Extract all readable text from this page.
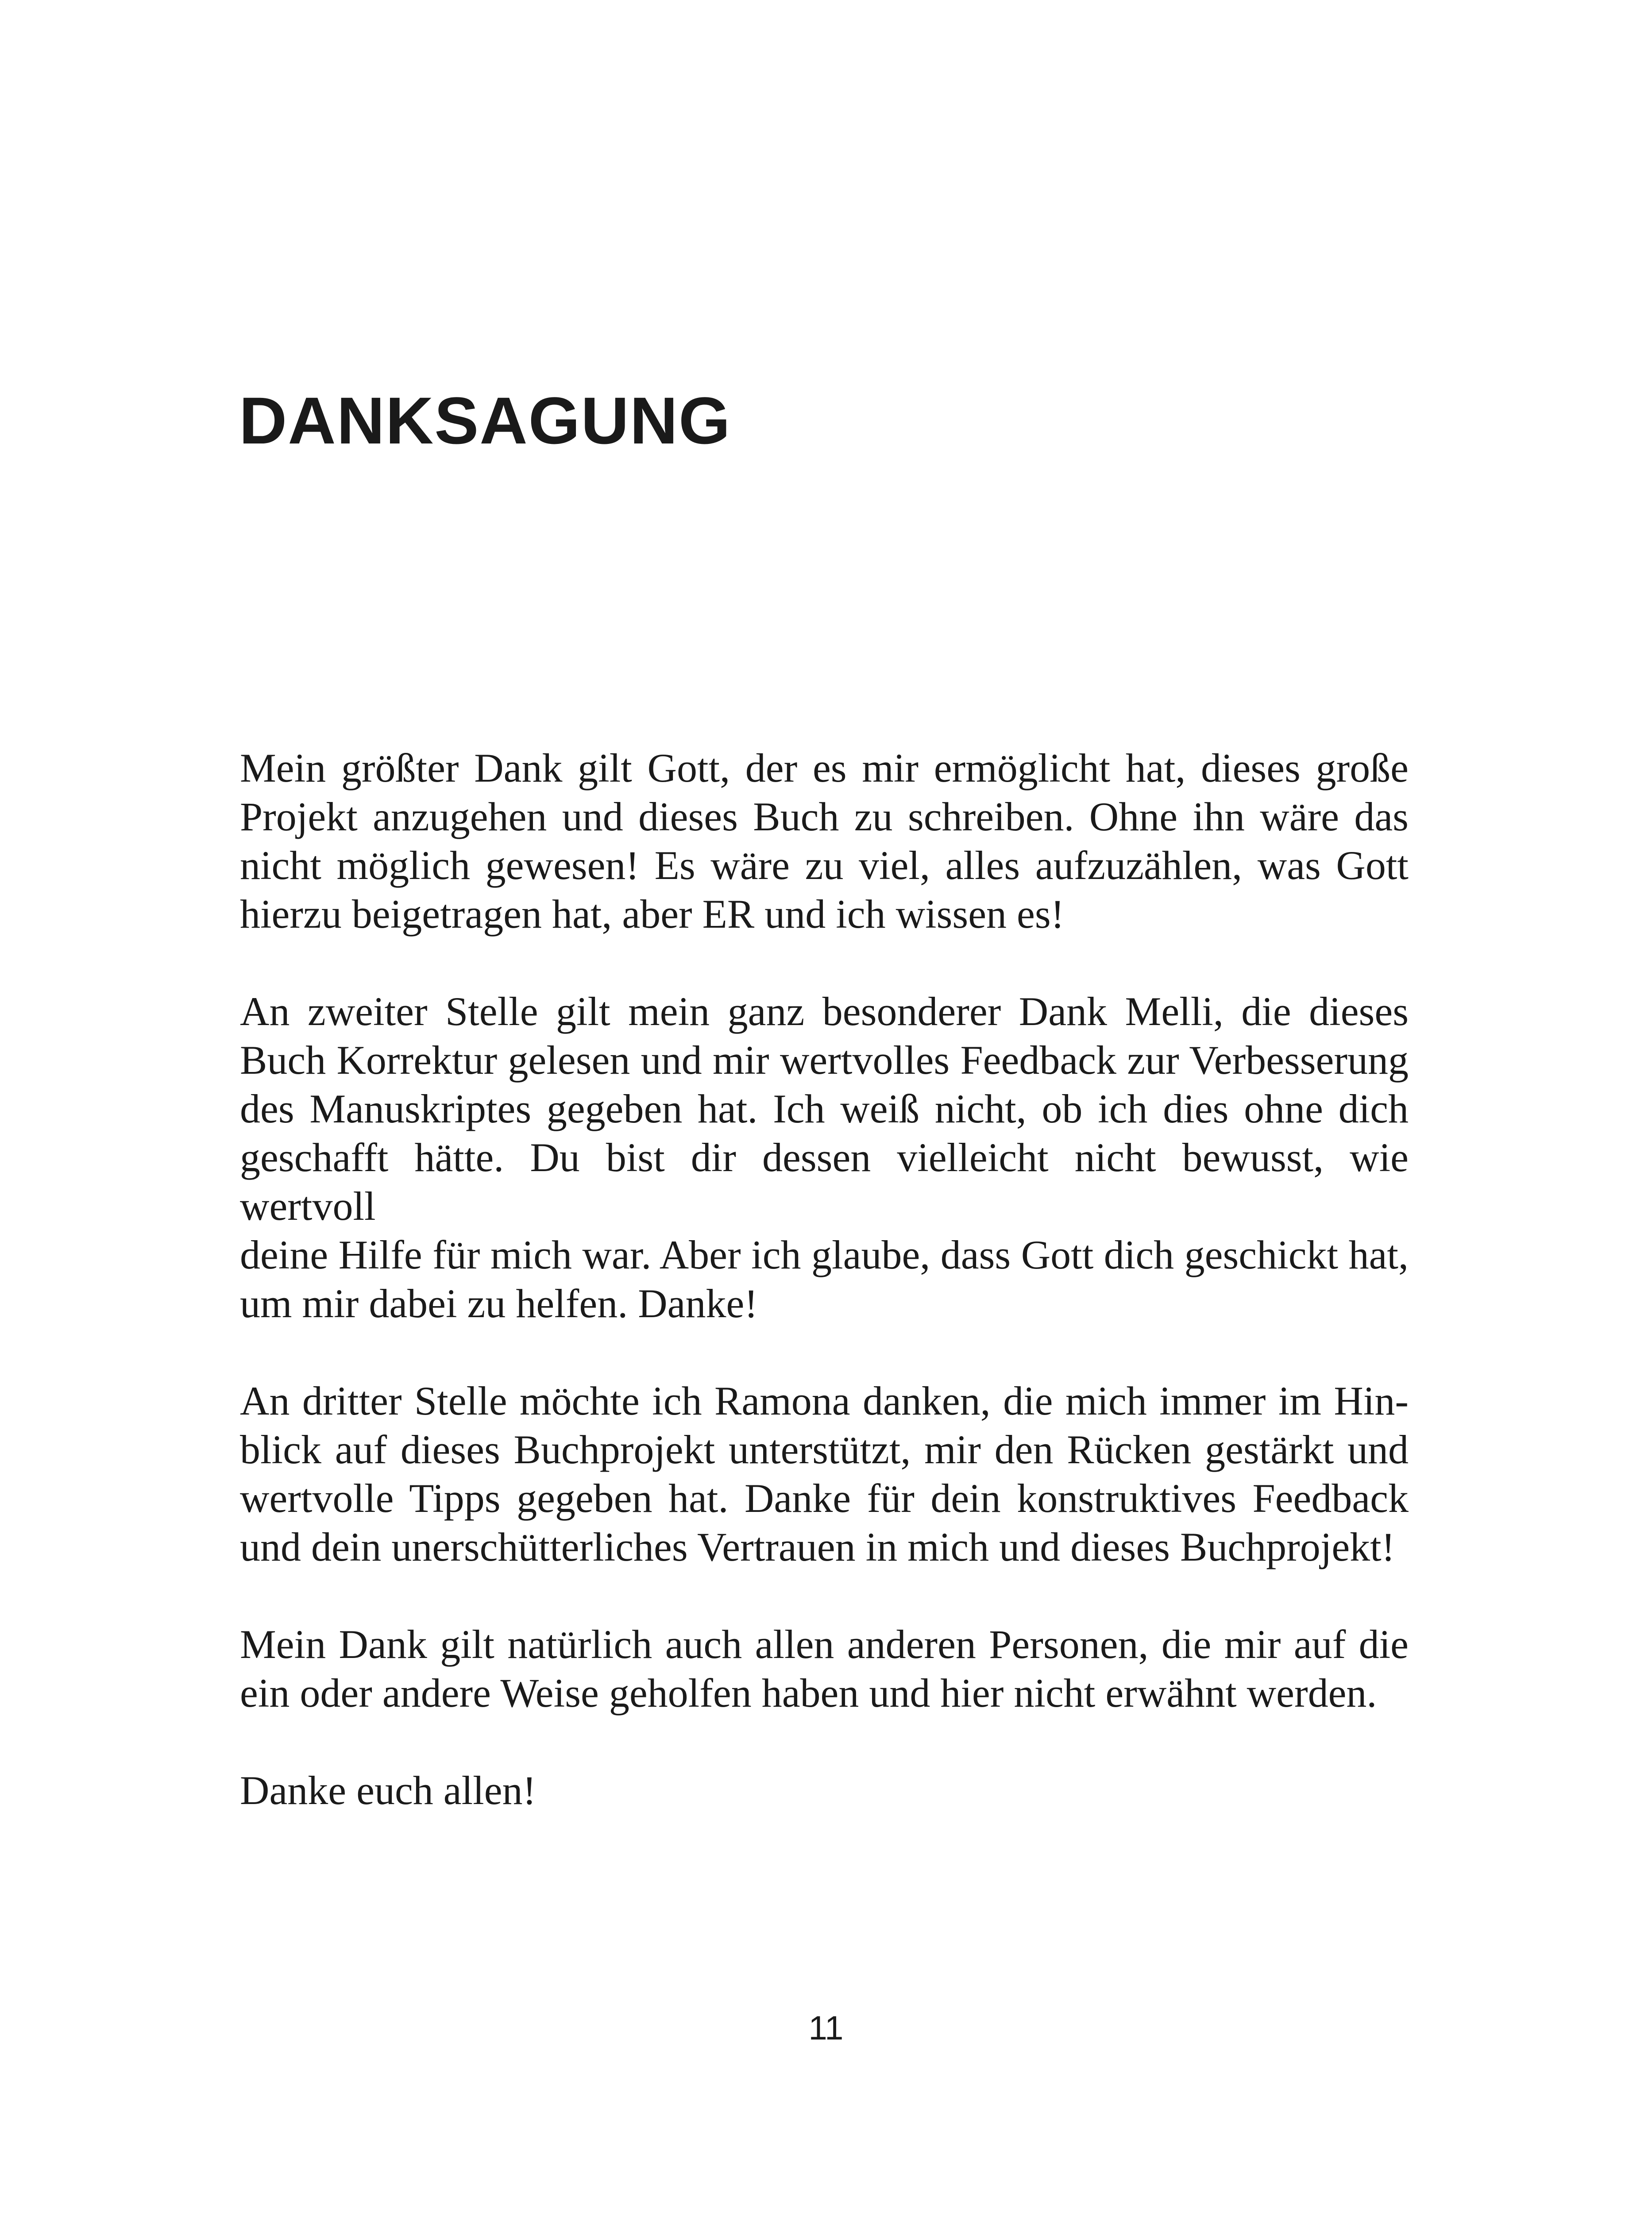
DANKSAGUNG

Mein größter Dank gilt Gott, der es mir ermöglicht hat, dieses große
Projekt anzugehen und dieses Buch zu schreiben. Ohne ihn wäre das
nicht möglich gewesen! Es wäre zu viel, alles aufzuzählen, was Gott
hierzu beigetragen hat, aber ER und ich wissen es!

An zweiter Stelle gilt mein ganz besonderer Dank Melli, die dieses
Buch Korrektur gelesen und mir wertvolles Feedback zur Verbesserung
des Manuskriptes gegeben hat. Ich weiß nicht, ob ich dies ohne dich
geschafft hätte. Du bist dir dessen vielleicht nicht bewusst, wie wertvoll
deine Hilfe für mich war. Aber ich glaube, dass Gott dich geschickt hat,
um mir dabei zu helfen. Danke!

An dritter Stelle möchte ich Ramona danken, die mich immer im Hin-
blick auf dieses Buchprojekt unterstützt, mir den Rücken gestärkt und
wertvolle Tipps gegeben hat. Danke für dein konstruktives Feedback
und dein unerschütterliches Vertrauen in mich und dieses Buchprojekt!

Mein Dank gilt natürlich auch allen anderen Personen, die mir auf die
ein oder andere Weise geholfen haben und hier nicht erwähnt werden.

Danke euch allen!

11
